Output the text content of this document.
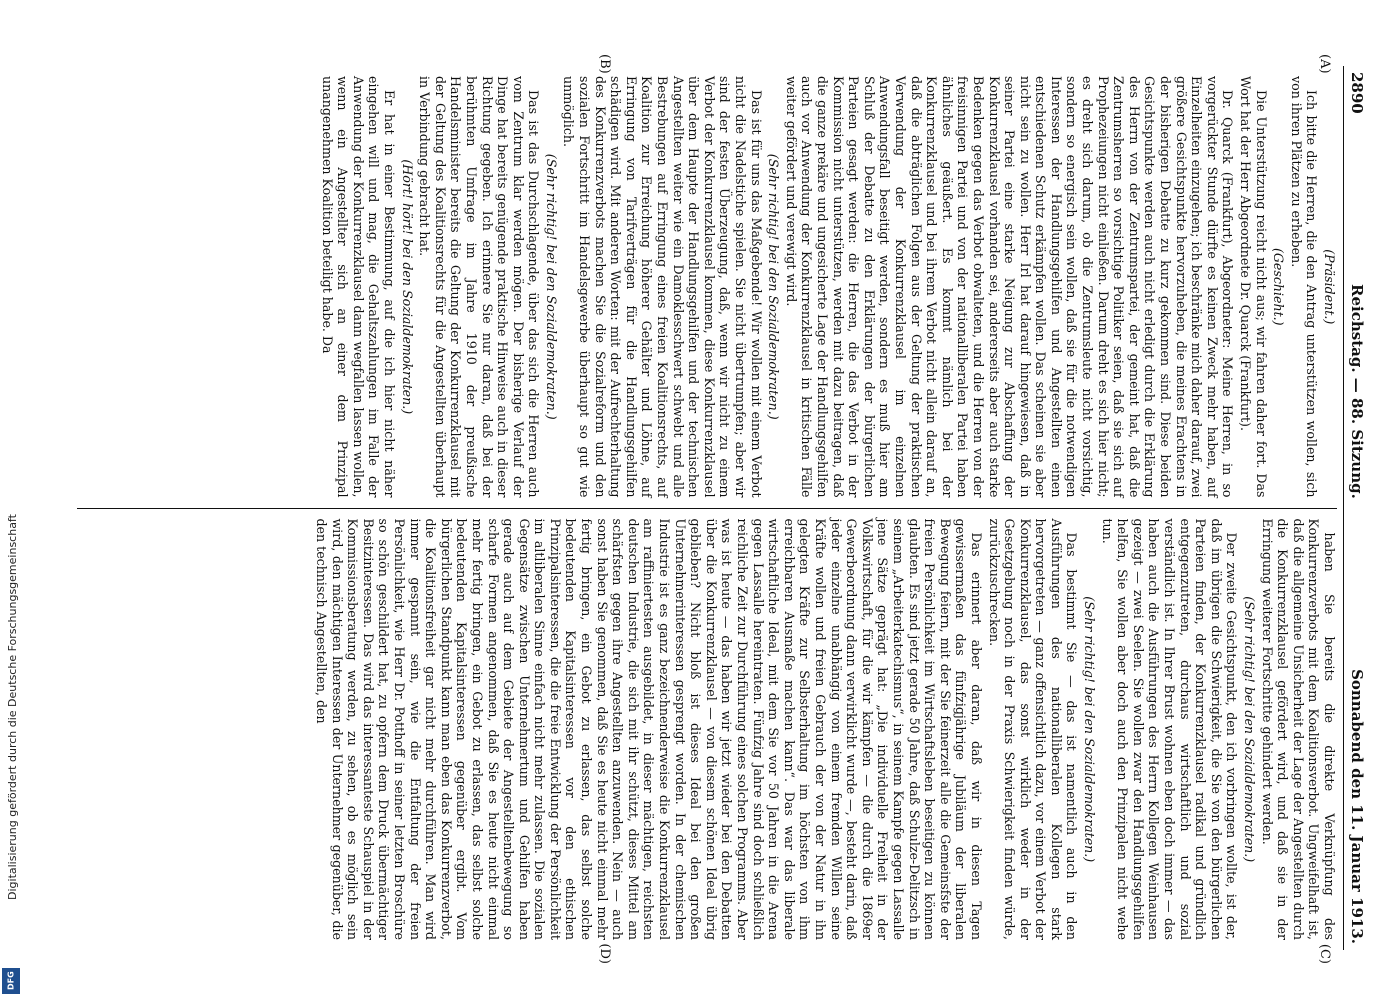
Digitalisierung gefördert durch die Deutsche Forschungsgemeinschaft
DFG
2890
Reichstag. — 88. Sitzung.
Sonnabend den 11. Januar 1913.

(Präsident.)

Ich bitte die Herren, die den Antrag unterstützen wollen, sich von ihren Plätzen zu erheben.

(Geschieht.)

Die Unterstützung reicht nicht aus; wir fahren daher fort. Das Wort hat der Herr Abgeordnete Dr. Quarck (Frankfurt).

Dr. Quarck (Frankfurt), Abgeordneter: Meine Herren, in so vorgerückter Stunde dürfte es keinen Zweck mehr haben, auf Einzelheiten einzugehen; ich beschränke mich daher darauf, zwei größere Gesichtspunkte hervorzuheben, die meines Erachtens in der bisherigen Debatte zu kurz gekommen sind. Diese beiden Gesichtspunkte werden auch nicht erledigt durch die Erklärung des Herrn von der Zentrumspartei, der gemeint hat, daß die Zentrumsherren so vorsichtige Politiker seien, daß sie sich auf Prophezeiungen nicht einließen. Darum dreht es sich hier nicht; es dreht sich darum, ob die Zentrumsleute nicht vorsichtig, sondern so energisch sein wollen, daß sie für die notwendigen Interessen der Handlungsgehilfen und Angestellten einen entschiedenen Schutz erkämpfen wollen. Das scheinen sie aber nicht sein zu wollen. Herr Irl hat darauf hingewiesen, daß in seiner Partei eine starke Neigung zur Abschaffung der Konkurrenzklausel vorhanden sei, andererseits aber auch starke Bedenken gegen das Verbot obwalteten, und die Herren von der freisinnigen Partei und von der nationalliberalen Partei haben ähnliches geäußert. Es kommt nämlich bei der Konkurrenzklausel und bei ihrem Verbot nicht allein darauf an, daß die abträglichen Folgen aus der Geltung der praktischen Verwendung der Konkurrenzklausel im einzelnen Anwendungsfall beseitigt werden, sondern es muß hier am Schluß der Debatte zu den Erklärungen der bürgerlichen Parteien gesagt werden: die Herren, die das Verbot in der Kommission nicht unterstützen, werden mit dazu beitragen, daß die ganze prekäre und ungesicherte Lage der Handlungsgehilfen auch vor Anwendung der Konkurrenzklausel in kritischen Fälle weiter gefördert und verewigt wird.

(Sehr richtig! bei den Sozialdemokraten.)

Das ist für uns das Maßgebende! Wir wollen mit einem Verbot nicht die Nadelstiche spielen. Sie nicht übertrumpfen; aber wir sind der festen Überzeugung, daß, wenn wir nicht zu einem Verbot der Konkurrenzklausel kommen, diese Konkurrenzklausel über dem Haupte der Handlungsgehilfen und der technischen Angestellten weiter wie ein Damoklesschwert schwebt und alle Bestrebungen auf Erringung eines freien Koalitionsrechts, auf Koalition zur Erreichung höherer Gehälter und Löhne, auf Erringung von Tarifverträgen für die Handlungsgehilfen schädigen wird. Mit anderen Worten: mit der Aufrechterhaltung des Konkurrenzverbots machen Sie die Sozialreform und den sozialen Fortschritt im Handelsgewerbe überhaupt so gut wie unmöglich.

(Sehr richtig! bei den Sozialdemokraten.)

Das ist das Durchschlagende, über das sich die Herren auch vom Zentrum klar werden mögen. Der bisherige Verlauf der Dinge hat bereits genügende praktische Hinweise auch in dieser Richtung gegeben. Ich erinnere Sie nur daran, daß bei der berühmten Umfrage im Jahre 1910 der preußische Handelsminister bereits die Geltung der Konkurrenzklausel mit der Geltung des Koalitionsrechts für die Angestellten überhaupt in Verbindung gebracht hat.

(Hört! hört! bei den Sozialdemokraten.)

Er hat in einer Bestimmung, auf die ich hier nicht näher eingehen will und mag, die Gehaltszahlungen im Falle der Anwendung der Konkurrenzklausel dann wegfallen lassen wollen, wenn ein Angestellter sich an einer dem Prinzipal unangenehmen Koalition beteiligt habe. Da

haben Sie bereits die direkte Verknüpfung des Konkurrenzverbots mit dem Koalitionsverbot. Ungweifelhaft ist, daß die allgemeine Unsicherheit der Lage der Angestellten durch die Konkurrenzklausel gefördert wird, und daß sie in der Erringung weiterer Fortschritte gehindert werden.

(Sehr richtig! bei den Sozialdemokraten.)

Der zweite Gesichtspunkt, den ich vorbringen wollte, ist der, daß im übrigen die Schwierigkeit, die Sie von den bürgerlichen Parteien finden, der Konkurrenzklausel radikal und gründlich entgegenzutreten, durchaus wirtschaftlich und sozial verständlich ist. In Ihrer Brust wohnen eben doch immer — das haben auch die Ausführungen des Herrn Kollegen Weinhausen gezeigt — zwei Seelen. Sie wollen zwar den Handlungsgehilfen helfen, Sie wollen aber doch auch den Prinzipalen nicht wehe tun.

(Sehr richtig! bei den Sozialdemokraten.)

Das bestimmt Sie — das ist namentlich auch in den Ausführungen des nationalliberalen Kollegen stark hervorgetreten — ganz offensichtlich dazu, vor einem Verbot der Konkurrenzklausel, das sonst wirklich weder in der Gesetzgebung noch in der Praxis Schwierigkeit finden würde, zurückzuschrecken.

Das erinnert aber daran, daß wir in diesen Tagen gewissermaßen das fünfzigjährige Jubiläum der liberalen Bewegung feiern, mit der Sie feinerzeit alle die Gemeinsfste der freien Persönlichkeit im Wirtschaftsleben beseitigen zu können glaubten. Es sind jetzt gerade 50 Jahre, daß Schulze-Delitzsch in seinem „Arbeiterkatechismus“, in seinem Kampfe gegen Lassalle jene Sätze geprägt hat: „Die individuelle Freiheit in der Volkswirtschaft, für die wir kämpfen — die durch die 1869er Gewerbeordnung dann verwirklicht wurde —, besteht darin, daß jeder einzelne unabhängig von einem fremden Willen seine Kräfte wollen und freien Gebrauch der von der Natur in ihn gelegten Kräfte zur Selbsterhaltung im höchsten von ihm erreichbaren Ausmaße machen kann“. Das war das liberale wirtschaftliche Ideal, mit dem Sie vor 50 Jahren in die Arena gegen Lassalle hereintraten. Fünfzig Jahre sind doch schließlich reichliche Zeit zur Durchführung eines solchen Programms. Aber was ist heute — das haben wir jetzt wieder bei den Debatten über die Konkurrenzklausel — von diesem schönen Ideal übrig geblieben? Nicht bloß ist dieses Ideal bei den großen Unternehmerinteressen gesprengt worden. In der chemischen Industrie ist es ganz bezeichnenderweise die Konkurrenzklausel am raffiniertesten ausgebildet, in dieser mächtigen, reichsten deutschen Industrie, die sich mit ihr schützt, dieses Mittel am schärfsten gegen ihre Angestellten anzuwenden. Nein — auch sonst haben Sie genommen, daß Sie es heute nicht einmal mehr fertig bringen, ein Gebot zu erlassen, das selbst solche bedeutenden Kapitalsinteressen vor den ethischen Prinzipalsinteressen, die die freie Entwicklung der Persönlichkeit im altliberalen Sinne einfach nicht mehr zulassen. Die sozialen Gegensätze zwischen Unternehmertum und Gehilfen haben gerade auch auf dem Gebiete der Angestelltenbewegung so scharfe Formen angenommen, daß Sie es heute nicht einmal mehr fertig bringen, ein Gebot zu erlassen, das selbst solche bedeutenden Kapitalsinteressen gegenüber ergibt. Vom bürgerlichen Standpunkt kann man eben das Konkurrenzverbot, die Koalitionsfreiheit gar nicht mehr durchführen. Man wird immer gespannt sein, wie die Entfaltung der freien Persönlichkeit, wie Herr Dr. Potthoff in seiner letzten Broschüre so schön geschildert hat, zu opfern dem Druck übermächtiger Besitzinteressen. Das wird das interessanteste Schauspiel in der Kommissionsberatung werden, zu sehen, ob es möglich sein wird, den mächtigen Interessen der Unternehmer gegenüber, die den technisch Angestellten, den

(A)
(B)
(C)
(D)
